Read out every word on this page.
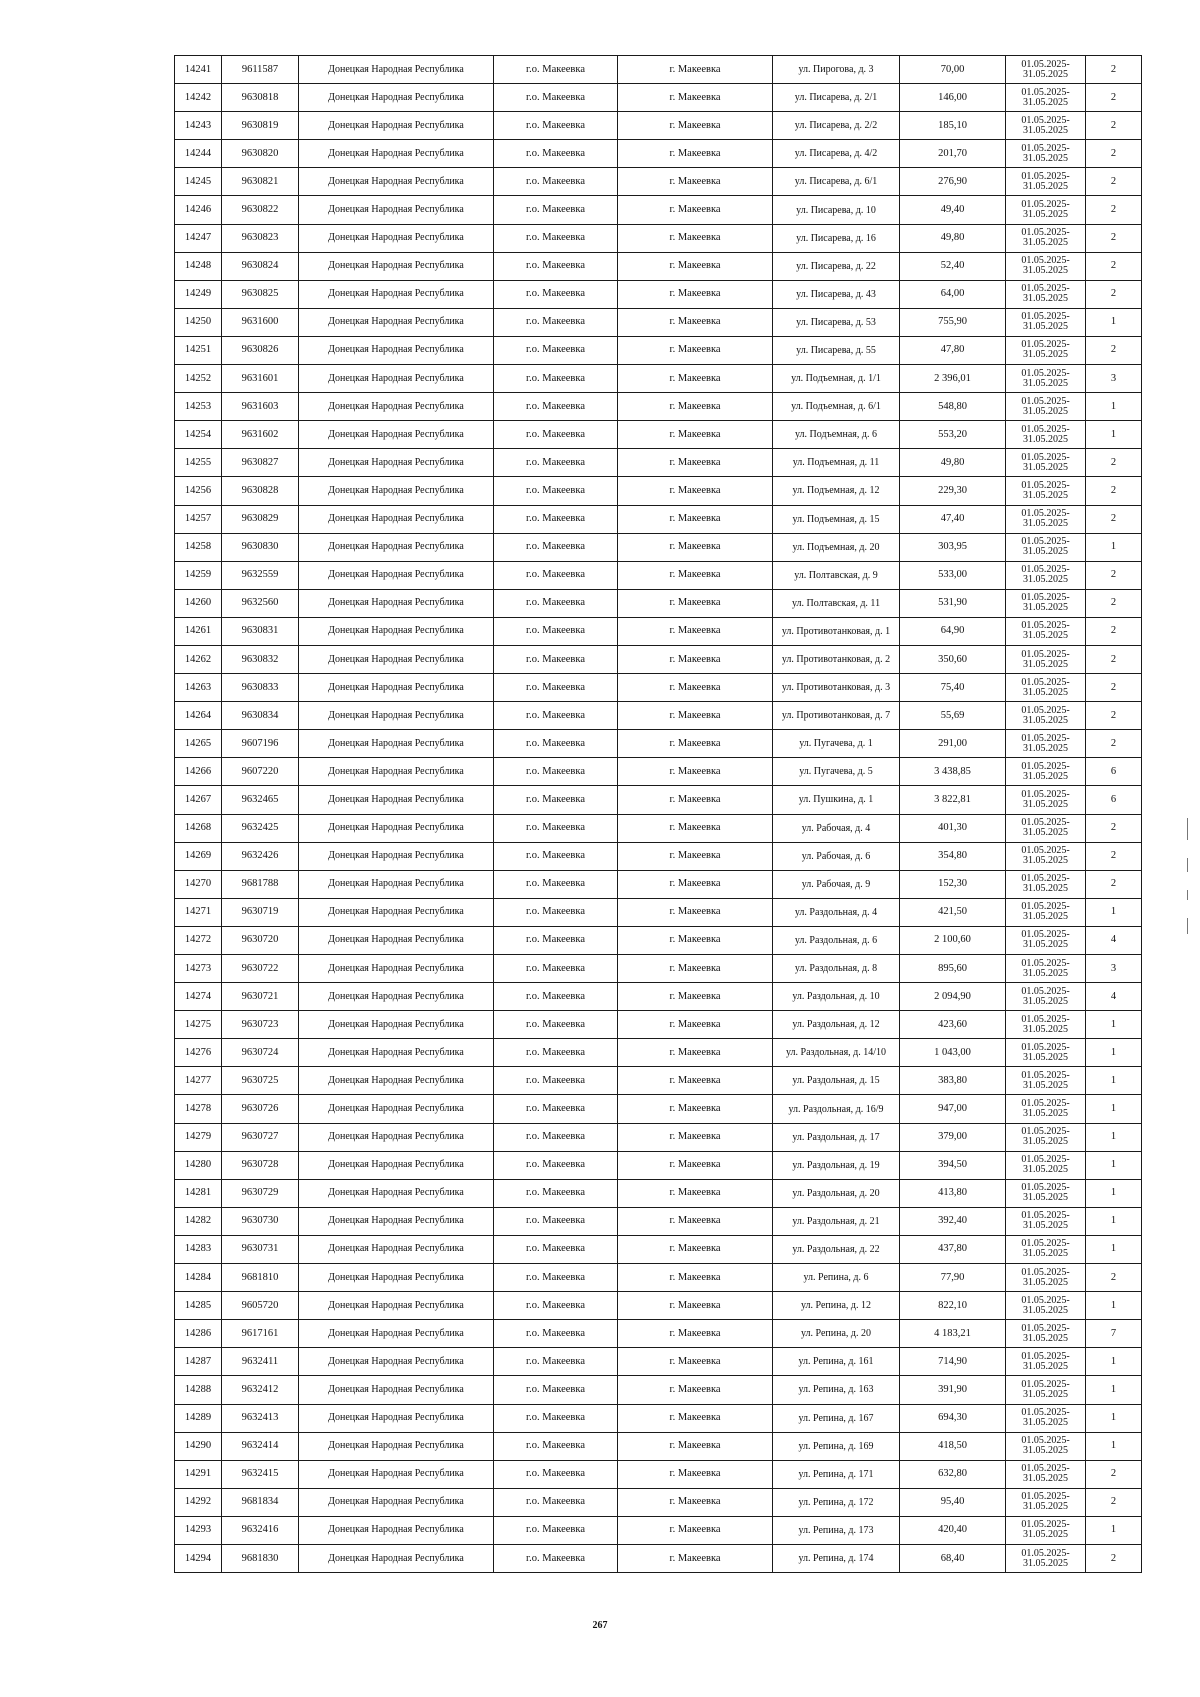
14241	9611587	Донецкая Народная Республика	г.о. Макеевка	г. Макеевка	ул. Пирогова, д. 3	70,00	01.05.2025-31.05.2025	2
14242	9630818	Донецкая Народная Республика	г.о. Макеевка	г. Макеевка	ул. Писарева, д. 2/1	146,00	01.05.2025-31.05.2025	2
14243	9630819	Донецкая Народная Республика	г.о. Макеевка	г. Макеевка	ул. Писарева, д. 2/2	185,10	01.05.2025-31.05.2025	2
14244	9630820	Донецкая Народная Республика	г.о. Макеевка	г. Макеевка	ул. Писарева, д. 4/2	201,70	01.05.2025-31.05.2025	2
14245	9630821	Донецкая Народная Республика	г.о. Макеевка	г. Макеевка	ул. Писарева, д. 6/1	276,90	01.05.2025-31.05.2025	2
14246	9630822	Донецкая Народная Республика	г.о. Макеевка	г. Макеевка	ул. Писарева, д. 10	49,40	01.05.2025-31.05.2025	2
14247	9630823	Донецкая Народная Республика	г.о. Макеевка	г. Макеевка	ул. Писарева, д. 16	49,80	01.05.2025-31.05.2025	2
14248	9630824	Донецкая Народная Республика	г.о. Макеевка	г. Макеевка	ул. Писарева, д. 22	52,40	01.05.2025-31.05.2025	2
14249	9630825	Донецкая Народная Республика	г.о. Макеевка	г. Макеевка	ул. Писарева, д. 43	64,00	01.05.2025-31.05.2025	2
14250	9631600	Донецкая Народная Республика	г.о. Макеевка	г. Макеевка	ул. Писарева, д. 53	755,90	01.05.2025-31.05.2025	1
14251	9630826	Донецкая Народная Республика	г.о. Макеевка	г. Макеевка	ул. Писарева, д. 55	47,80	01.05.2025-31.05.2025	2
14252	9631601	Донецкая Народная Республика	г.о. Макеевка	г. Макеевка	ул. Подъемная, д. 1/1	2 396,01	01.05.2025-31.05.2025	3
14253	9631603	Донецкая Народная Республика	г.о. Макеевка	г. Макеевка	ул. Подъемная, д. 6/1	548,80	01.05.2025-31.05.2025	1
14254	9631602	Донецкая Народная Республика	г.о. Макеевка	г. Макеевка	ул. Подъемная, д. 6	553,20	01.05.2025-31.05.2025	1
14255	9630827	Донецкая Народная Республика	г.о. Макеевка	г. Макеевка	ул. Подъемная, д. 11	49,80	01.05.2025-31.05.2025	2
14256	9630828	Донецкая Народная Республика	г.о. Макеевка	г. Макеевка	ул. Подъемная, д. 12	229,30	01.05.2025-31.05.2025	2
14257	9630829	Донецкая Народная Республика	г.о. Макеевка	г. Макеевка	ул. Подъемная, д. 15	47,40	01.05.2025-31.05.2025	2
14258	9630830	Донецкая Народная Республика	г.о. Макеевка	г. Макеевка	ул. Подъемная, д. 20	303,95	01.05.2025-31.05.2025	1
14259	9632559	Донецкая Народная Республика	г.о. Макеевка	г. Макеевка	ул. Полтавская, д. 9	533,00	01.05.2025-31.05.2025	2
14260	9632560	Донецкая Народная Республика	г.о. Макеевка	г. Макеевка	ул. Полтавская, д. 11	531,90	01.05.2025-31.05.2025	2
14261	9630831	Донецкая Народная Республика	г.о. Макеевка	г. Макеевка	ул. Противотанковая, д. 1	64,90	01.05.2025-31.05.2025	2
14262	9630832	Донецкая Народная Республика	г.о. Макеевка	г. Макеевка	ул. Противотанковая, д. 2	350,60	01.05.2025-31.05.2025	2
14263	9630833	Донецкая Народная Республика	г.о. Макеевка	г. Макеевка	ул. Противотанковая, д. 3	75,40	01.05.2025-31.05.2025	2
14264	9630834	Донецкая Народная Республика	г.о. Макеевка	г. Макеевка	ул. Противотанковая, д. 7	55,69	01.05.2025-31.05.2025	2
14265	9607196	Донецкая Народная Республика	г.о. Макеевка	г. Макеевка	ул. Пугачева, д. 1	291,00	01.05.2025-31.05.2025	2
14266	9607220	Донецкая Народная Республика	г.о. Макеевка	г. Макеевка	ул. Пугачева, д. 5	3 438,85	01.05.2025-31.05.2025	6
14267	9632465	Донецкая Народная Республика	г.о. Макеевка	г. Макеевка	ул. Пушкина, д. 1	3 822,81	01.05.2025-31.05.2025	6
14268	9632425	Донецкая Народная Республика	г.о. Макеевка	г. Макеевка	ул. Рабочая, д. 4	401,30	01.05.2025-31.05.2025	2
14269	9632426	Донецкая Народная Республика	г.о. Макеевка	г. Макеевка	ул. Рабочая, д. 6	354,80	01.05.2025-31.05.2025	2
14270	9681788	Донецкая Народная Республика	г.о. Макеевка	г. Макеевка	ул. Рабочая, д. 9	152,30	01.05.2025-31.05.2025	2
14271	9630719	Донецкая Народная Республика	г.о. Макеевка	г. Макеевка	ул. Раздольная, д. 4	421,50	01.05.2025-31.05.2025	1
14272	9630720	Донецкая Народная Республика	г.о. Макеевка	г. Макеевка	ул. Раздольная, д. 6	2 100,60	01.05.2025-31.05.2025	4
14273	9630722	Донецкая Народная Республика	г.о. Макеевка	г. Макеевка	ул. Раздольная, д. 8	895,60	01.05.2025-31.05.2025	3
14274	9630721	Донецкая Народная Республика	г.о. Макеевка	г. Макеевка	ул. Раздольная, д. 10	2 094,90	01.05.2025-31.05.2025	4
14275	9630723	Донецкая Народная Республика	г.о. Макеевка	г. Макеевка	ул. Раздольная, д. 12	423,60	01.05.2025-31.05.2025	1
14276	9630724	Донецкая Народная Республика	г.о. Макеевка	г. Макеевка	ул. Раздольная, д. 14/10	1 043,00	01.05.2025-31.05.2025	1
14277	9630725	Донецкая Народная Республика	г.о. Макеевка	г. Макеевка	ул. Раздольная, д. 15	383,80	01.05.2025-31.05.2025	1
14278	9630726	Донецкая Народная Республика	г.о. Макеевка	г. Макеевка	ул. Раздольная, д. 16/9	947,00	01.05.2025-31.05.2025	1
14279	9630727	Донецкая Народная Республика	г.о. Макеевка	г. Макеевка	ул. Раздольная, д. 17	379,00	01.05.2025-31.05.2025	1
14280	9630728	Донецкая Народная Республика	г.о. Макеевка	г. Макеевка	ул. Раздольная, д. 19	394,50	01.05.2025-31.05.2025	1
14281	9630729	Донецкая Народная Республика	г.о. Макеевка	г. Макеевка	ул. Раздольная, д. 20	413,80	01.05.2025-31.05.2025	1
14282	9630730	Донецкая Народная Республика	г.о. Макеевка	г. Макеевка	ул. Раздольная, д. 21	392,40	01.05.2025-31.05.2025	1
14283	9630731	Донецкая Народная Республика	г.о. Макеевка	г. Макеевка	ул. Раздольная, д. 22	437,80	01.05.2025-31.05.2025	1
14284	9681810	Донецкая Народная Республика	г.о. Макеевка	г. Макеевка	ул. Репина, д. 6	77,90	01.05.2025-31.05.2025	2
14285	9605720	Донецкая Народная Республика	г.о. Макеевка	г. Макеевка	ул. Репина, д. 12	822,10	01.05.2025-31.05.2025	1
14286	9617161	Донецкая Народная Республика	г.о. Макеевка	г. Макеевка	ул. Репина, д. 20	4 183,21	01.05.2025-31.05.2025	7
14287	9632411	Донецкая Народная Республика	г.о. Макеевка	г. Макеевка	ул. Репина, д. 161	714,90	01.05.2025-31.05.2025	1
14288	9632412	Донецкая Народная Республика	г.о. Макеевка	г. Макеевка	ул. Репина, д. 163	391,90	01.05.2025-31.05.2025	1
14289	9632413	Донецкая Народная Республика	г.о. Макеевка	г. Макеевка	ул. Репина, д. 167	694,30	01.05.2025-31.05.2025	1
14290	9632414	Донецкая Народная Республика	г.о. Макеевка	г. Макеевка	ул. Репина, д. 169	418,50	01.05.2025-31.05.2025	1
14291	9632415	Донецкая Народная Республика	г.о. Макеевка	г. Макеевка	ул. Репина, д. 171	632,80	01.05.2025-31.05.2025	2
14292	9681834	Донецкая Народная Республика	г.о. Макеевка	г. Макеевка	ул. Репина, д. 172	95,40	01.05.2025-31.05.2025	2
14293	9632416	Донецкая Народная Республика	г.о. Макеевка	г. Макеевка	ул. Репина, д. 173	420,40	01.05.2025-31.05.2025	1
14294	9681830	Донецкая Народная Республика	г.о. Макеевка	г. Макеевка	ул. Репина, д. 174	68,40	01.05.2025-31.05.2025	2
267
